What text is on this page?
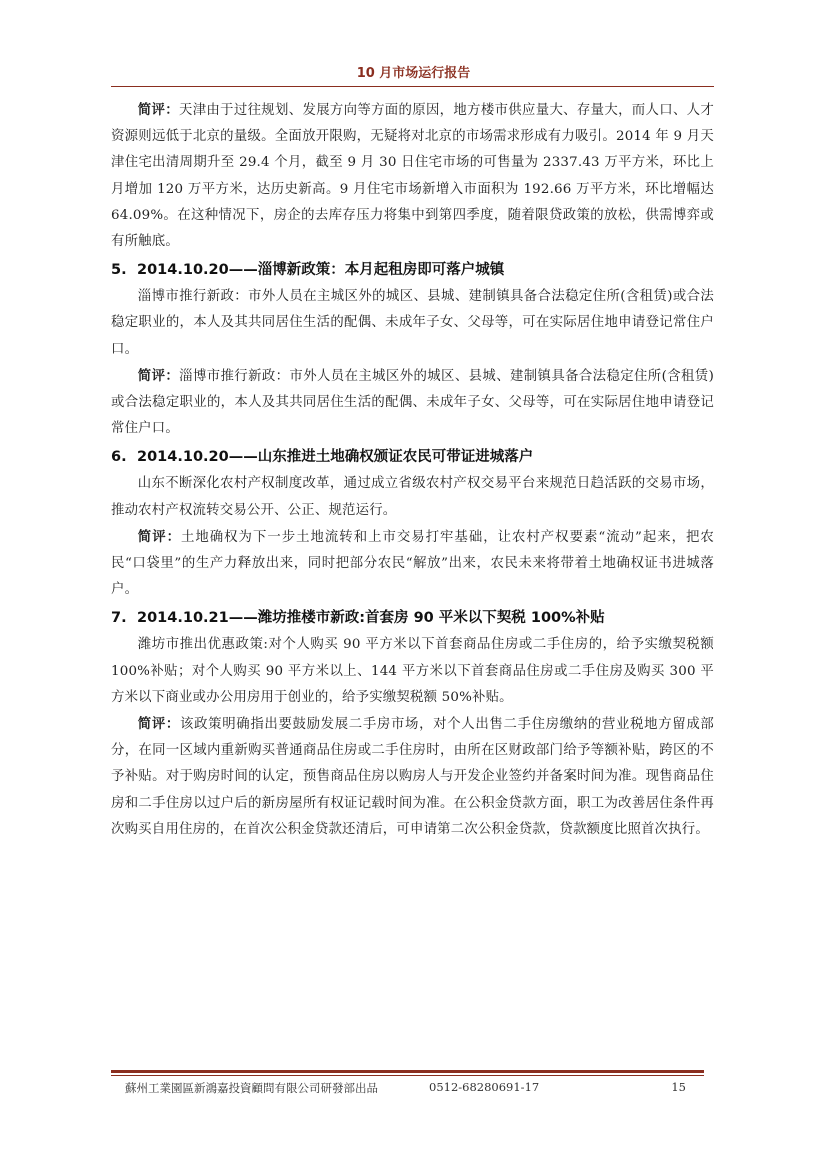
10 月市场运行报告

简评：天津由于过往规划、发展方向等方面的原因，地方楼市供应量大、存量大，而人口、人才资源则远低于北京的量级。全面放开限购，无疑将对北京的市场需求形成有力吸引。2014 年 9 月天津住宅出清周期升至 29.4 个月，截至 9 月 30 日住宅市场的可售量为 2337.43 万平方米，环比上月增加 120 万平方米，达历史新高。9 月住宅市场新增入市面积为 192.66 万平方米，环比增幅达 64.09%。在这种情况下，房企的去库存压力将集中到第四季度，随着限贷政策的放松，供需博弈或有所触底。

5. 2014.10.20——淄博新政策：本月起租房即可落户城镇

淄博市推行新政：市外人员在主城区外的城区、县城、建制镇具备合法稳定住所(含租赁)或合法稳定职业的，本人及其共同居住生活的配偶、未成年子女、父母等，可在实际居住地申请登记常住户口。

简评：淄博市推行新政：市外人员在主城区外的城区、县城、建制镇具备合法稳定住所(含租赁)或合法稳定职业的，本人及其共同居住生活的配偶、未成年子女、父母等，可在实际居住地申请登记常住户口。

6. 2014.10.20——山东推进土地确权颁证农民可带证进城落户

山东不断深化农村产权制度改革，通过成立省级农村产权交易平台来规范日趋活跃的交易市场，推动农村产权流转交易公开、公正、规范运行。

简评：土地确权为下一步土地流转和上市交易打牢基础，让农村产权要素“流动”起来，把农民“口袋里”的生产力释放出来，同时把部分农民“解放”出来，农民未来将带着土地确权证书进城落户。

7. 2014.10.21——潍坊推楼市新政:首套房 90 平米以下契税 100%补贴

潍坊市推出优惠政策:对个人购买 90 平方米以下首套商品住房或二手住房的，给予实缴契税额 100%补贴；对个人购买 90 平方米以上、144 平方米以下首套商品住房或二手住房及购买 300 平方米以下商业或办公用房用于创业的，给予实缴契税额 50%补贴。

简评：该政策明确指出要鼓励发展二手房市场，对个人出售二手住房缴纳的营业税地方留成部分，在同一区域内重新购买普通商品住房或二手住房时，由所在区财政部门给予等额补贴，跨区的不予补贴。对于购房时间的认定，预售商品住房以购房人与开发企业签约并备案时间为准。现售商品住房和二手住房以过户后的新房屋所有权证记载时间为准。在公积金贷款方面，职工为改善居住条件再次购买自用住房的，在首次公积金贷款还清后，可申请第二次公积金贷款，贷款额度比照首次执行。

蘇州工業園區新鴻嘉投資顧問有限公司研發部出品	0512-68280691-17	15
